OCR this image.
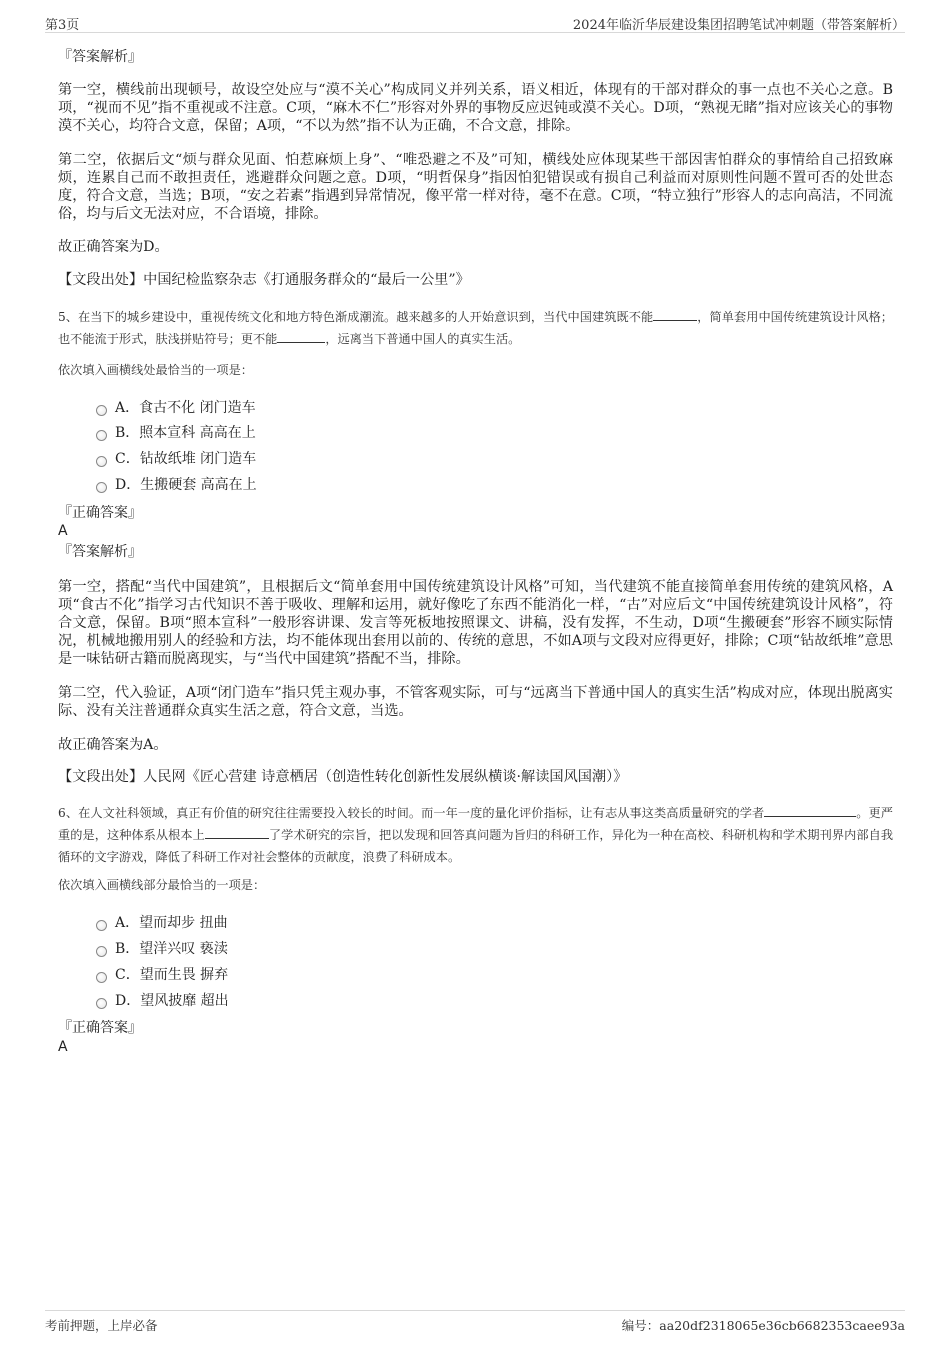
第3页	2024年临沂华辰建设集团招聘笔试冲刺题（带答案解析）
『答案解析』
第一空，横线前出现顿号，故设空处应与“漠不关心”构成同义并列关系，语义相近，体现有的干部对群众的事一点也不关心之意。B项，“视而不见”指不重视或不注意。C项，“麻木不仁”形容对外界的事物反应迟钝或漠不关心。D项，“熟视无睹”指对应该关心的事物漠不关心，均符合文意，保留；A项，“不以为然”指不认为正确，不合文意，排除。
第二空，依据后文“烦与群众见面、怕惹麻烦上身”、“唯恐避之不及”可知，横线处应体现某些干部因害怕群众的事情给自己招致麻烦，连累自己而不敢担责任，逃避群众问题之意。D项，“明哲保身”指因怕犯错误或有损自己利益而对原则性问题不置可否的处世态度，符合文意，当选；B项，“安之若素”指遇到异常情况，像平常一样对待，毫不在意。C项，“特立独行”形容人的志向高洁，不同流俗，均与后文无法对应，不合语境，排除。
故正确答案为D。
【文段出处】中国纪检监察杂志《打通服务群众的“最后一公里”》
5、在当下的城乡建设中，重视传统文化和地方特色渐成潮流。越来越多的人开始意识到，当代中国建筑既不能	，简单套用中国传统建筑设计风格；也不能流于形式，肤浅拼贴符号；更不能	，远离当下普通中国人的真实生活。
依次填入画横线处最恰当的一项是：
A．食古不化 闭门造车
B．照本宣科 高高在上
C．钻故纸堆 闭门造车
D．生搬硬套 高高在上
『正确答案』
A
『答案解析』
第一空，搭配“当代中国建筑”，且根据后文“简单套用中国传统建筑设计风格”可知，当代建筑不能直接简单套用传统的建筑风格，A项“食古不化”指学习古代知识不善于吸收、理解和运用，就好像吃了东西不能消化一样，“古”对应后文“中国传统建筑设计风格”，符合文意，保留。B项“照本宣科”一般形容讲课、发言等死板地按照课文、讲稿，没有发挥，不生动，D项“生搬硬套”形容不顾实际情况，机械地搬用别人的经验和方法，均不能体现出套用以前的、传统的意思，不如A项与文段对应得更好，排除；C项“钻故纸堆”意思是一味钻研古籍而脱离现实，与“当代中国建筑”搭配不当，排除。
第二空，代入验证，A项“闭门造车”指只凭主观办事，不管客观实际，可与“远离当下普通中国人的真实生活”构成对应，体现出脱离实际、没有关注普通群众真实生活之意，符合文意，当选。
故正确答案为A。
【文段出处】人民网《匠心营建 诗意栖居（创造性转化创新性发展纵横谈·解读国风国潮）》
6、在人文社科领域，真正有价值的研究往往需要投入较长的时间。而一年一度的量化评价指标，让有志从事这类高质量研究的学者	。更严重的是，这种体系从根本上	了学术研究的宗旨，把以发现和回答真问题为旨归的科研工作，异化为一种在高校、科研机构和学术期刊界内部自我循环的文字游戏，降低了科研工作对社会整体的贡献度，浪费了科研成本。
依次填入画横线部分最恰当的一项是：
A．望而却步 扭曲
B．望洋兴叹 亵渎
C．望而生畏 摒弃
D．望风披靡 超出
『正确答案』
A
考前押题，上岸必备	编号：aa20df2318065e36cb6682353caee93a
